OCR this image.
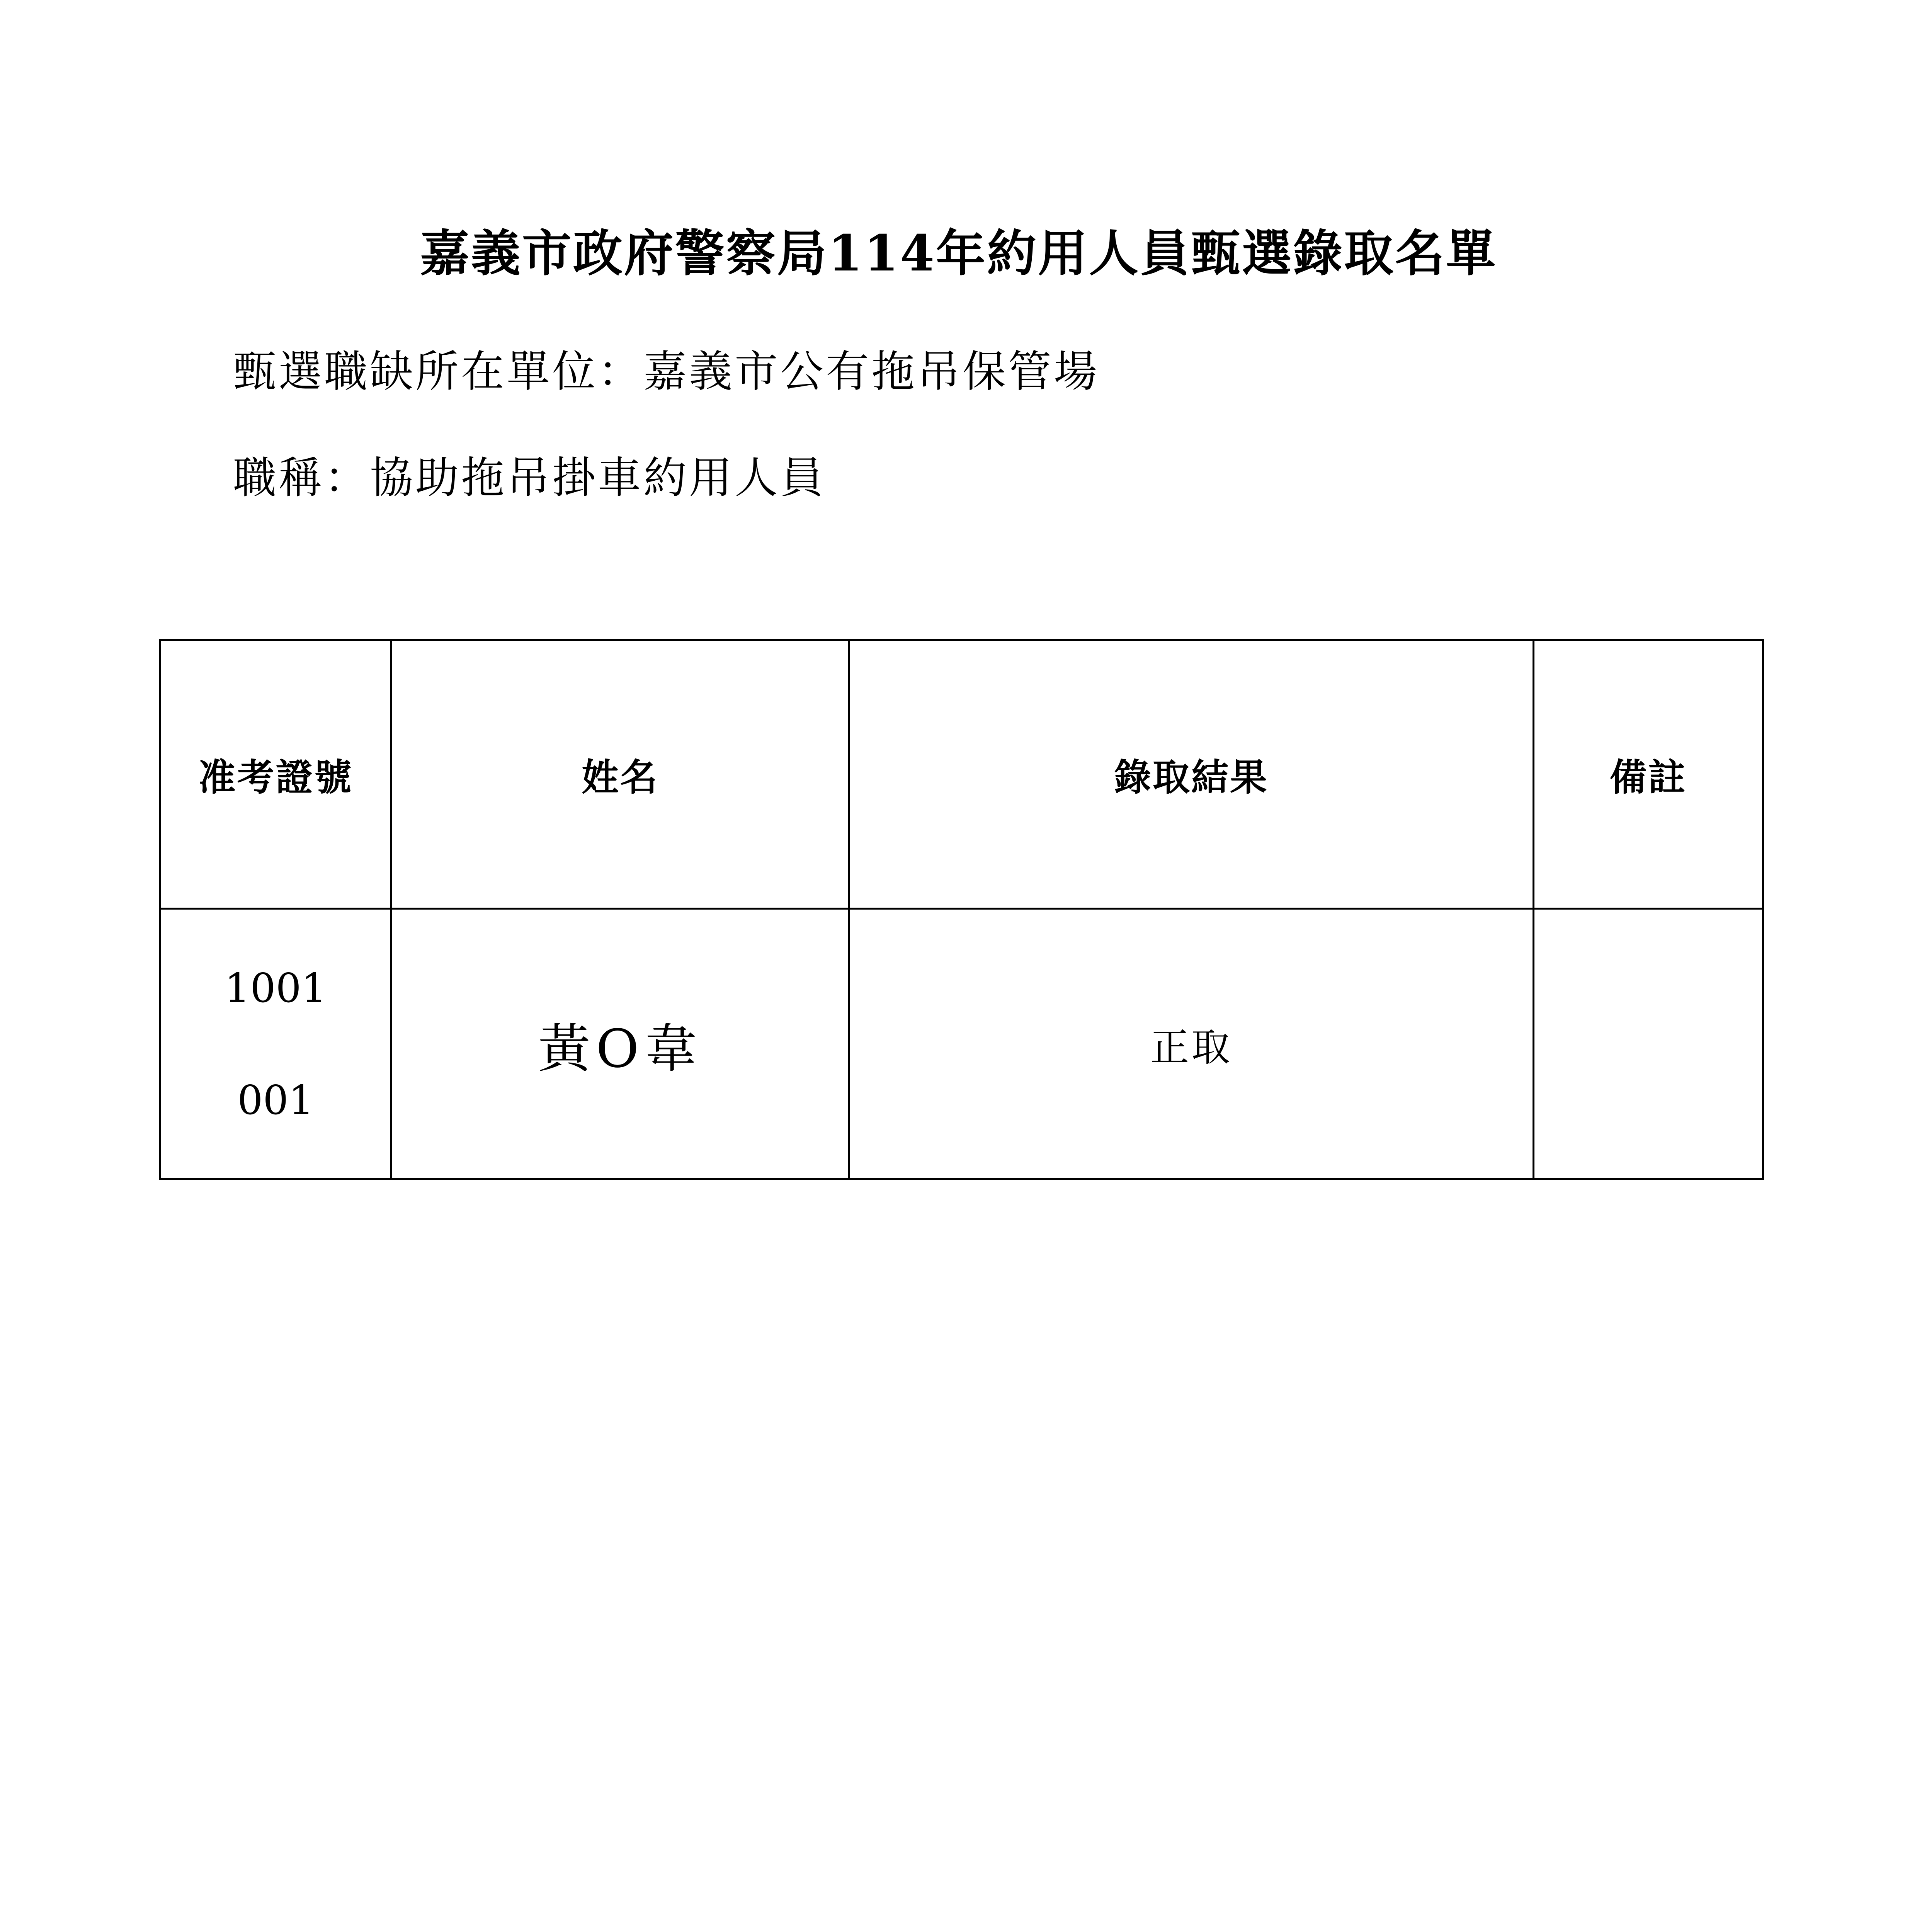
嘉義市政府警察局114年約用人員甄選錄取名單

甄選職缺所在單位：嘉義市公有拖吊保管場

職稱：協助拖吊掛車約用人員

准考證號	姓名	錄取結果	備註

1001
001	黃O韋	正取	
